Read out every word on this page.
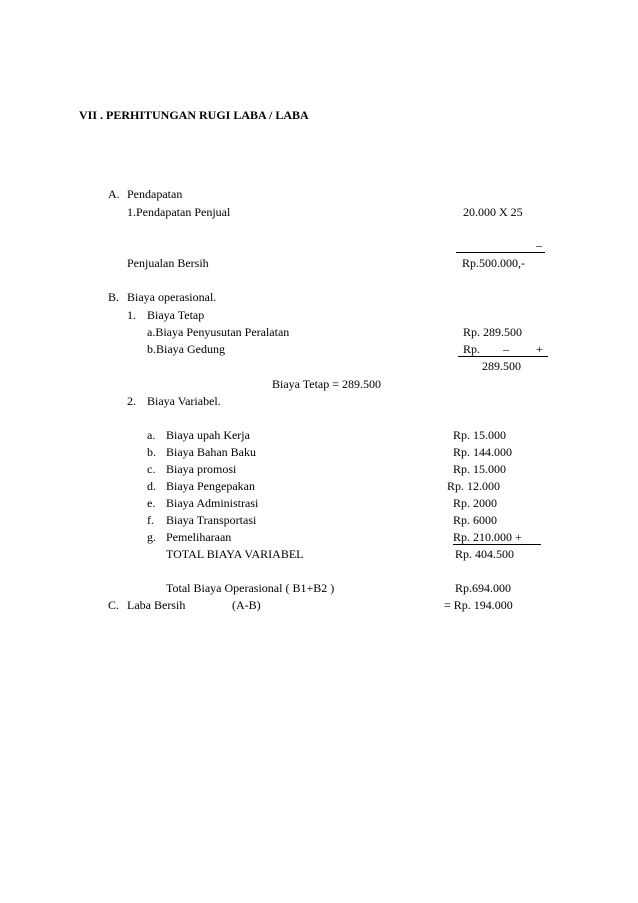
VII . PERHITUNGAN RUGI LABA / LABA
A. Pendapatan
1.Pendapatan Penjual	20.000 X 25
–
Penjualan Bersih	Rp.500.000,-
B. Biaya operasional.
1. Biaya Tetap
a.Biaya Penyusutan Peralatan	Rp. 289.500
b.Biaya Gedung	Rp. – +
289.500
Biaya Tetap = 289.500
2. Biaya Variabel.
a. Biaya upah Kerja	Rp. 15.000
b. Biaya Bahan Baku	Rp. 144.000
c. Biaya promosi	Rp. 15.000
d. Biaya Pengepakan	Rp. 12.000
e. Biaya Administrasi	Rp. 2000
f. Biaya Transportasi	Rp. 6000
g. Pemeliharaan	Rp. 210.000 +
TOTAL BIAYA VARIABEL	Rp. 404.500
Total Biaya Operasional ( B1+B2 )	Rp.694.000
C. Laba Bersih	(A-B)	= Rp. 194.000
